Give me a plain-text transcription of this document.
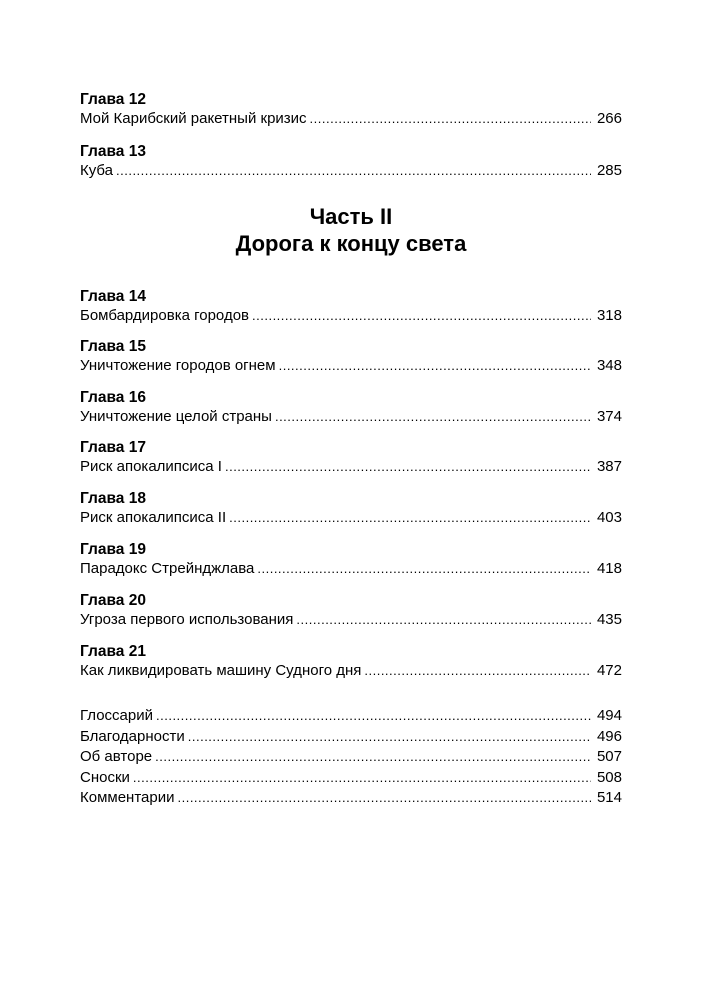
Глава 12
Мой Карибский ракетный кризис .....	266
Глава 13
Куба .....	285
Часть II
Дорога к концу света
Глава 14
Бомбардировка городов .....	318
Глава 15
Уничтожение городов огнем .....	348
Глава 16
Уничтожение целой страны .....	374
Глава 17
Риск апокалипсиса I .....	387
Глава 18
Риск апокалипсиса II .....	403
Глава 19
Парадокс Стрейнджлава .....	418
Глава 20
Угроза первого использования .....	435
Глава 21
Как ликвидировать машину Судного дня .....	472
Глоссарий .....	494
Благодарности .....	496
Об авторе .....	507
Сноски .....	508
Комментарии .....	514
